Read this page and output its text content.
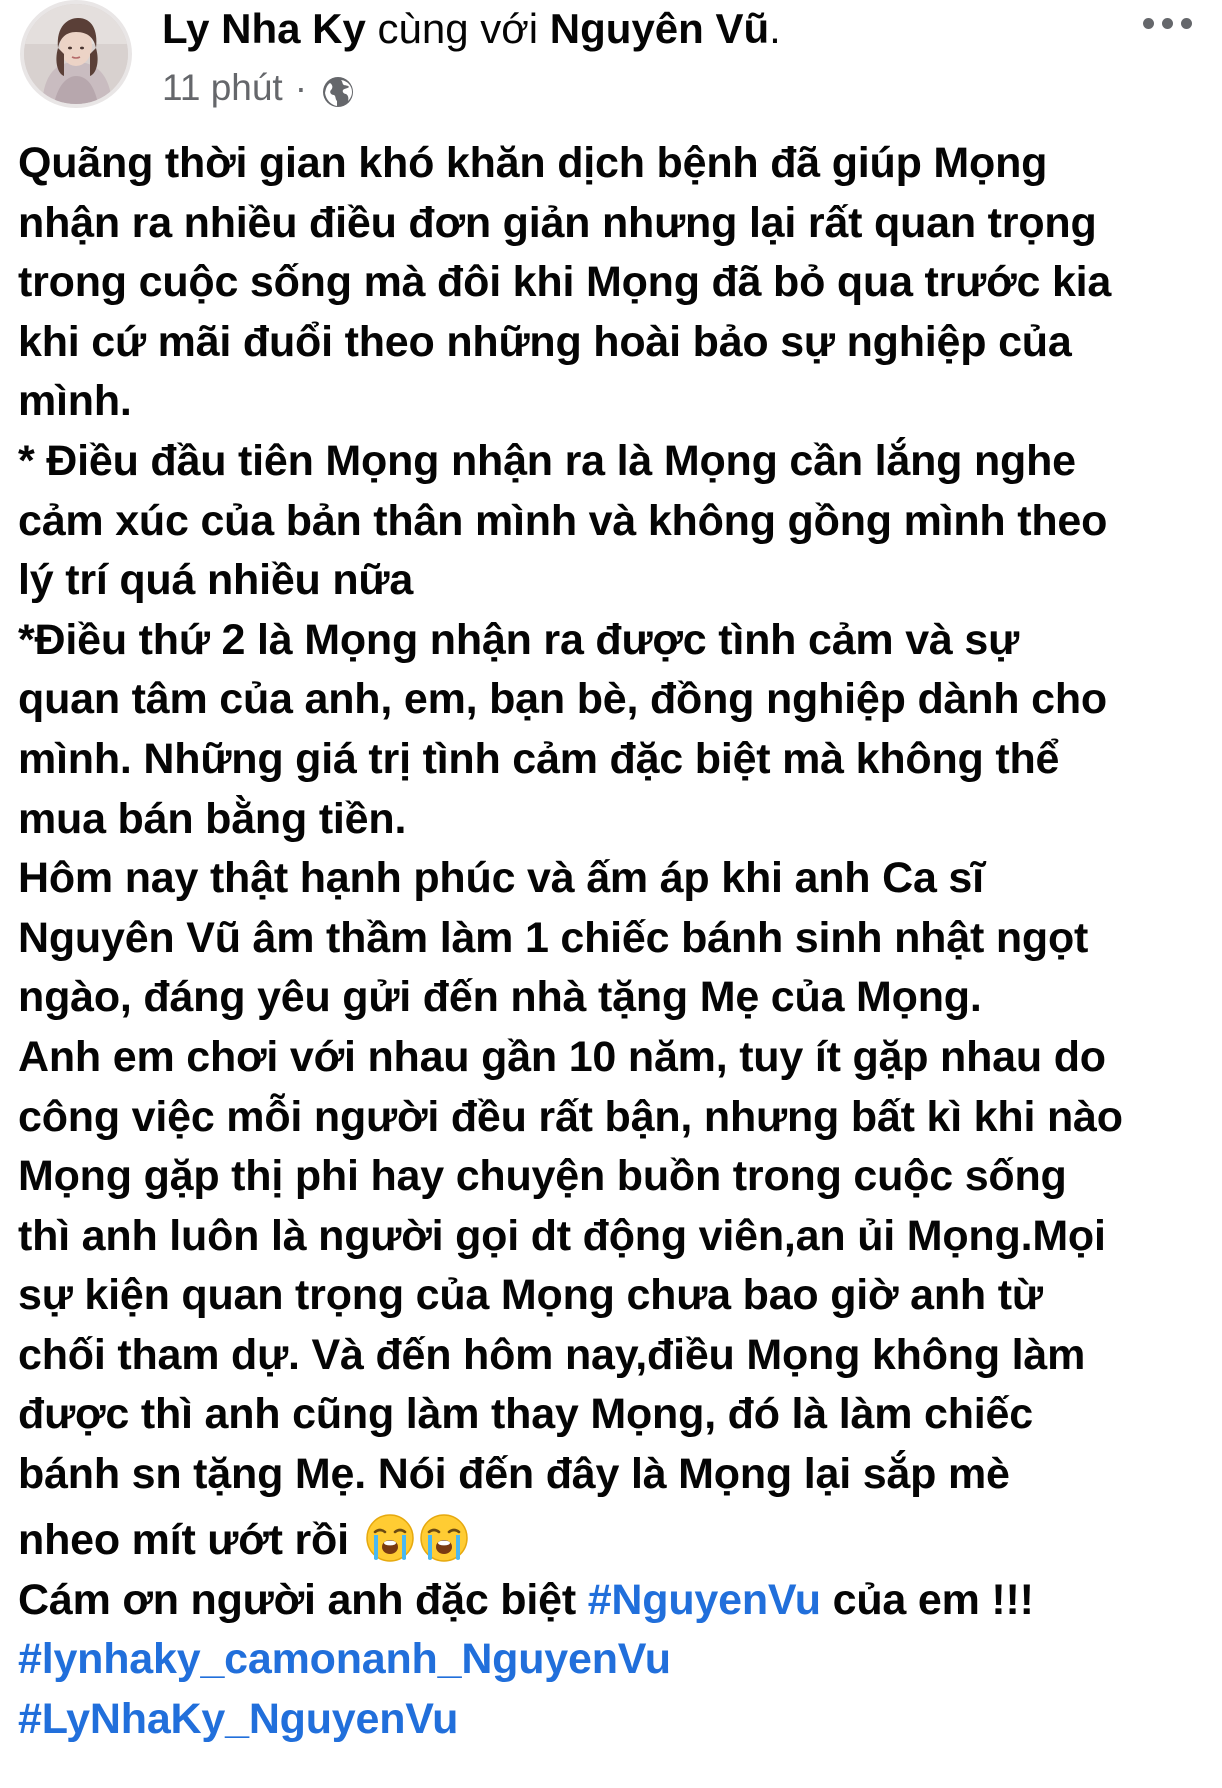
Ly Nha Ky cùng với Nguyên Vũ.
11 phút ·
Quãng thời gian khó khăn dịch bệnh đã giúp Mọng
nhận ra nhiều điều đơn giản nhưng lại rất quan trọng
trong cuộc sống mà đôi khi Mọng đã bỏ qua trước kia
khi cứ mãi đuổi theo những hoài bảo sự nghiệp của
mình.
* Điều đầu tiên Mọng nhận ra là Mọng cần lắng nghe
cảm xúc của bản thân mình và không gồng mình theo
lý trí quá nhiều nữa
*Điều thứ 2 là Mọng nhận ra được tình cảm và sự
quan tâm của anh, em, bạn bè, đồng nghiệp dành cho
mình. Những giá trị tình cảm đặc biệt mà không thể
mua bán bằng tiền.
Hôm nay thật hạnh phúc và ấm áp khi anh Ca sĩ
Nguyên Vũ âm thầm làm 1 chiếc bánh sinh nhật ngọt
ngào, đáng yêu gửi đến nhà tặng Mẹ của Mọng.
Anh em chơi với nhau gần 10 năm, tuy ít gặp nhau do
công việc mỗi người đều rất bận, nhưng bất kì khi nào
Mọng gặp thị phi hay chuyện buồn trong cuộc sống
thì anh luôn là người gọi dt động viên,an ủi Mọng.Mọi
sự kiện quan trọng của Mọng chưa bao giờ anh từ
chối tham dự. Và đến hôm nay,điều Mọng không làm
được thì anh cũng làm thay Mọng, đó là làm chiếc
bánh sn tặng Mẹ. Nói đến đây là Mọng lại sắp mè
nheo mít ướt rồi
Cám ơn người anh đặc biệt #NguyenVu của em !!!
#lynhaky_camonanh_NguyenVu
#LyNhaKy_NguyenVu
